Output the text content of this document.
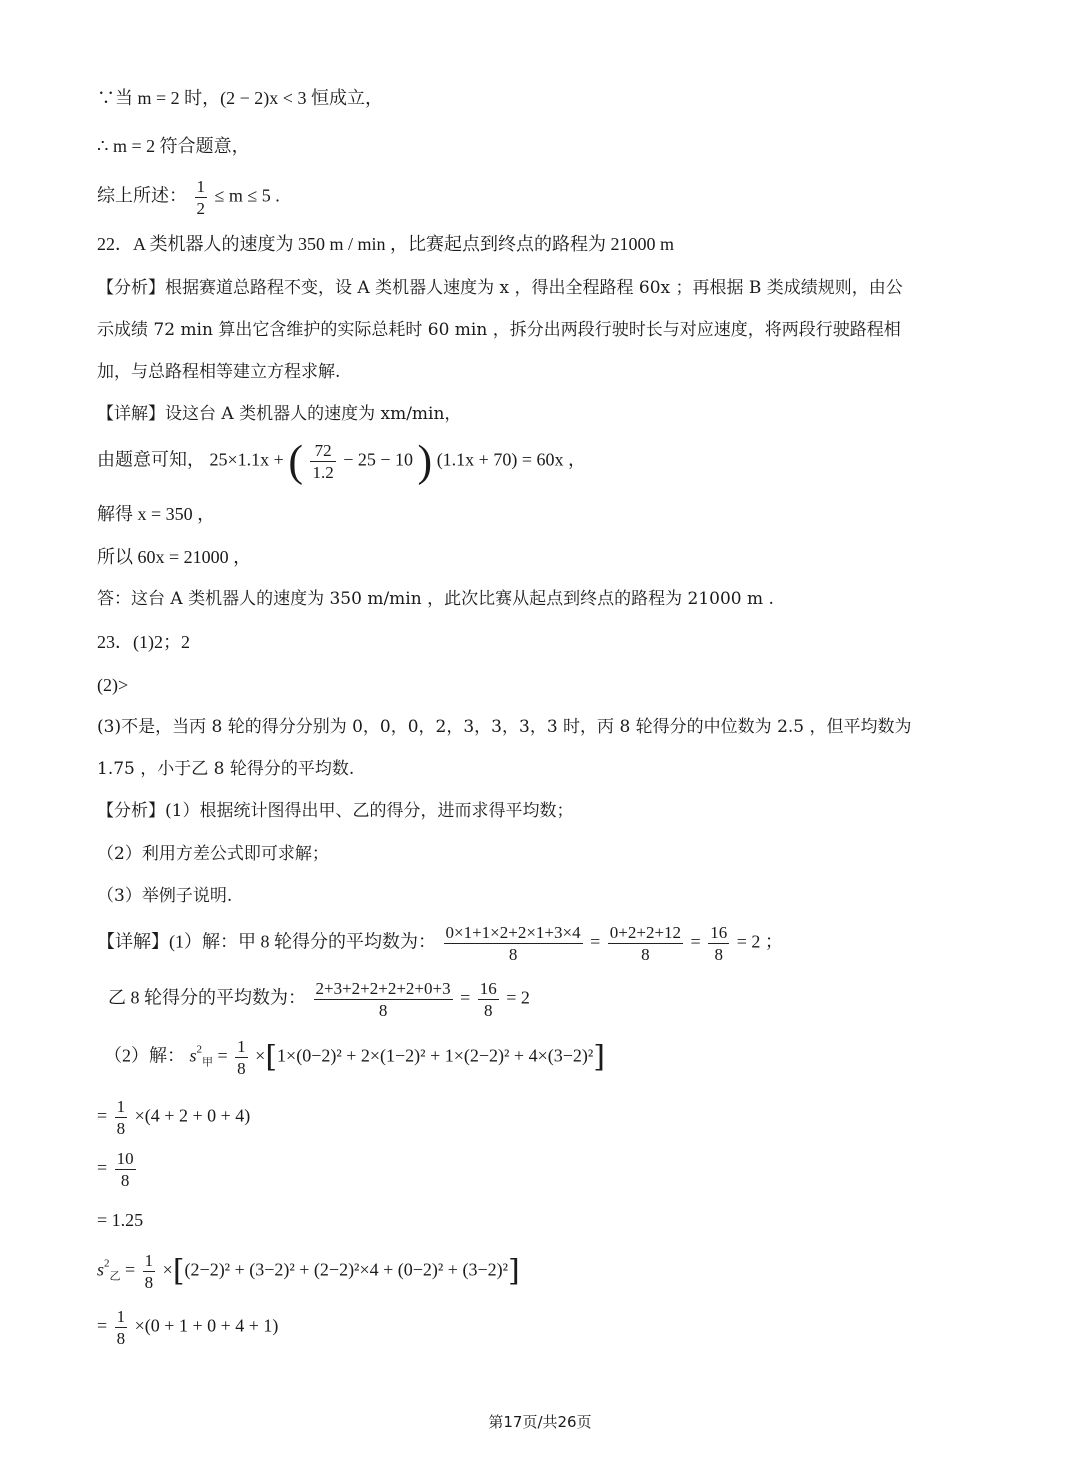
∵当 m = 2 时，(2 − 2)x < 3 恒成立，
∴ m = 2 符合题意，
综上所述： $\frac{1}{2} \le m \le 5$ .
22．A 类机器人的速度为 350 m / min ，比赛起点到终点的路程为 21000 m
【分析】根据赛道总路程不变，设 A 类机器人速度为 x ，得出全程路程 60x ；再根据 B 类成绩规则，由公
示成绩 72 min 算出它含维护的实际总耗时 60 min ，拆分出两段行驶时长与对应速度，将两段行驶路程相
加，与总路程相等建立方程求解.
【详解】设这台 A 类机器人的速度为 xm/min，
由题意可知， 25×1.1x + ( $\frac{72}{1.2} - 25 - 10$ ) (1.1x + 70) = 60x ，
解得 x = 350 ，
所以 60x = 21000 ，
答：这台 A 类机器人的速度为 350 m/min ，此次比赛从起点到终点的路程为 21000 m .
23．(1)2；2
(2)>
(3)不是，当丙 8 轮的得分分别为 0，0，0，2，3，3，3，3 时，丙 8 轮得分的中位数为 2.5 ，但平均数为
1.75 ，小于乙 8 轮得分的平均数.
【分析】(1）根据统计图得出甲、乙的得分，进而求得平均数；
（2）利用方差公式即可求解；
（3）举例子说明.
【详解】(1）解：甲 8 轮得分的平均数为： $\frac{0\times 1+1\times 2+2\times 1+3\times 4}{8} = \frac{0+2+2+12}{8} = \frac{16}{8} = 2$ ；
乙 8 轮得分的平均数为： $\frac{2+3+2+2+2+2+0+3}{8} = \frac{16}{8} = 2$
（2）解： $s^2_甲 = \frac{1}{8} \times[1\times(0-2)^2 + 2\times(1-2)^2 + 1\times(2-2)^2 + 4\times(3-2)^2]$
= $\frac{1}{8} \times(4 + 2 + 0 + 4)$
= $\frac{10}{8}$
= 1.25
$s^2_乙 = \frac{1}{8} \times[(2-2)^2 + (3-2)^2 + (2-2)^2\times 4 + (0-2)^2 + (3-2)^2]$
= $\frac{1}{8} \times(0 + 1 + 0 + 4 + 1)$
第17页/共26页
